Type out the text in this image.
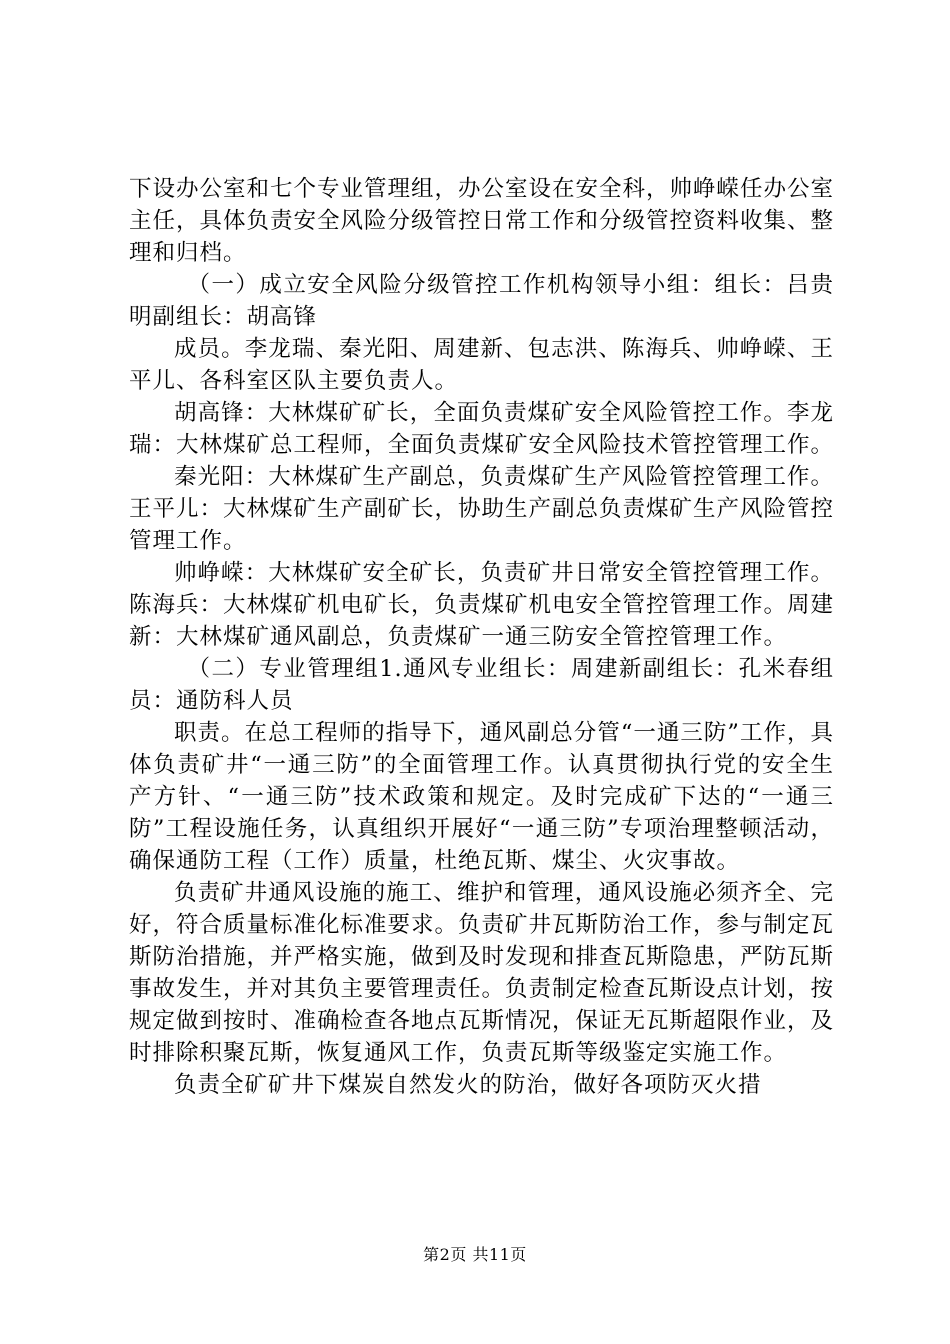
下设办公室和七个专业管理组，办公室设在安全科，帅峥嵘任办公室主任，具体负责安全风险分级管控日常工作和分级管控资料收集、整理和归档。

（一）成立安全风险分级管控工作机构领导小组：组长：吕贵明副组长：胡高锋

成员。李龙瑞、秦光阳、周建新、包志洪、陈海兵、帅峥嵘、王平儿、各科室区队主要负责人。

胡高锋：大林煤矿矿长，全面负责煤矿安全风险管控工作。李龙瑞：大林煤矿总工程师，全面负责煤矿安全风险技术管控管理工作。

秦光阳：大林煤矿生产副总，负责煤矿生产风险管控管理工作。王平儿：大林煤矿生产副矿长，协助生产副总负责煤矿生产风险管控管理工作。

帅峥嵘：大林煤矿安全矿长，负责矿井日常安全管控管理工作。陈海兵：大林煤矿机电矿长，负责煤矿机电安全管控管理工作。周建新：大林煤矿通风副总，负责煤矿一通三防安全管控管理工作。

（二）专业管理组1.通风专业组长：周建新副组长：孔米春组员：通防科人员

职责。在总工程师的指导下，通风副总分管“一通三防”工作，具体负责矿井“一通三防”的全面管理工作。认真贯彻执行党的安全生产方针、“一通三防”技术政策和规定。及时完成矿下达的“一通三防”工程设施任务，认真组织开展好“一通三防”专项治理整顿活动，确保通防工程（工作）质量，杜绝瓦斯、煤尘、火灾事故。

负责矿井通风设施的施工、维护和管理，通风设施必须齐全、完好，符合质量标准化标准要求。负责矿井瓦斯防治工作，参与制定瓦斯防治措施，并严格实施，做到及时发现和排查瓦斯隐患，严防瓦斯事故发生，并对其负主要管理责任。负责制定检查瓦斯设点计划，按规定做到按时、准确检查各地点瓦斯情况，保证无瓦斯超限作业，及时排除积聚瓦斯，恢复通风工作，负责瓦斯等级鉴定实施工作。

负责全矿矿井下煤炭自然发火的防治，做好各项防灭火措

第2页 共11页
